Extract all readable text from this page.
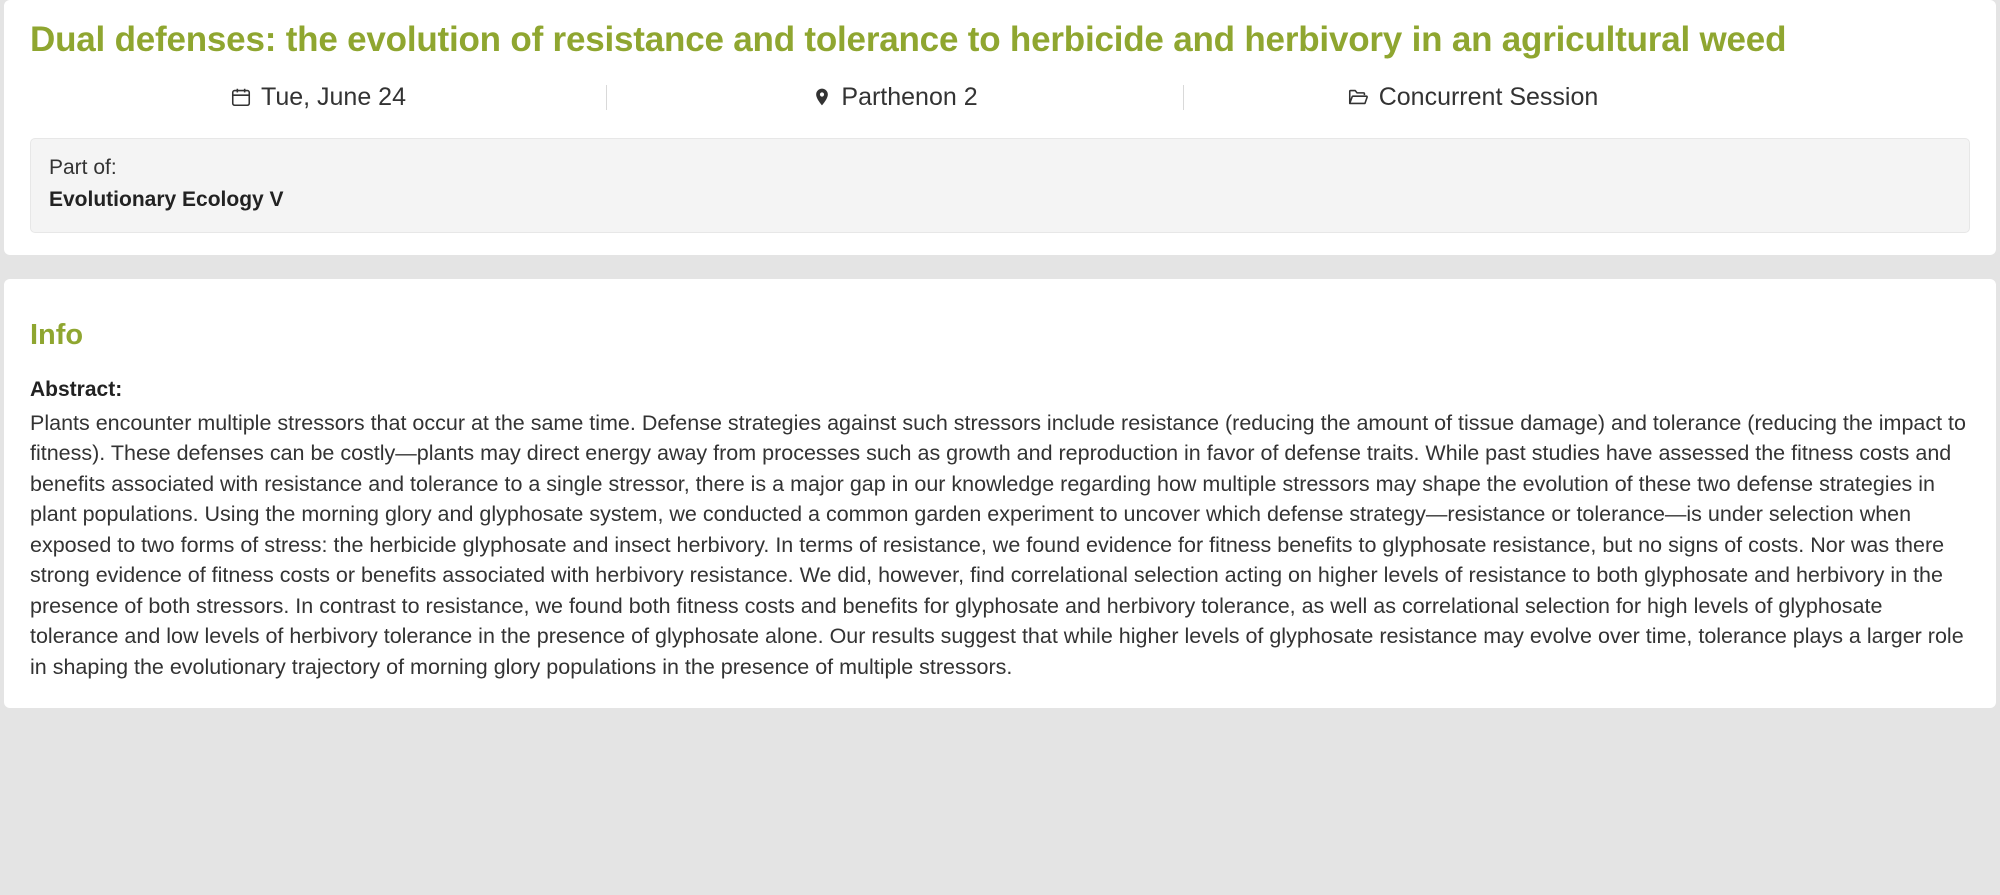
Dual defenses: the evolution of resistance and tolerance to herbicide and herbivory in an agricultural weed
Tue, June 24	Parthenon 2	Concurrent Session
Part of:
Evolutionary Ecology V
Info
Abstract:
Plants encounter multiple stressors that occur at the same time. Defense strategies against such stressors include resistance (reducing the amount of tissue damage) and tolerance (reducing the impact to fitness). These defenses can be costly—plants may direct energy away from processes such as growth and reproduction in favor of defense traits. While past studies have assessed the fitness costs and benefits associated with resistance and tolerance to a single stressor, there is a major gap in our knowledge regarding how multiple stressors may shape the evolution of these two defense strategies in plant populations. Using the morning glory and glyphosate system, we conducted a common garden experiment to uncover which defense strategy—resistance or tolerance—is under selection when exposed to two forms of stress: the herbicide glyphosate and insect herbivory. In terms of resistance, we found evidence for fitness benefits to glyphosate resistance, but no signs of costs. Nor was there strong evidence of fitness costs or benefits associated with herbivory resistance. We did, however, find correlational selection acting on higher levels of resistance to both glyphosate and herbivory in the presence of both stressors. In contrast to resistance, we found both fitness costs and benefits for glyphosate and herbivory tolerance, as well as correlational selection for high levels of glyphosate tolerance and low levels of herbivory tolerance in the presence of glyphosate alone. Our results suggest that while higher levels of glyphosate resistance may evolve over time, tolerance plays a larger role in shaping the evolutionary trajectory of morning glory populations in the presence of multiple stressors.
